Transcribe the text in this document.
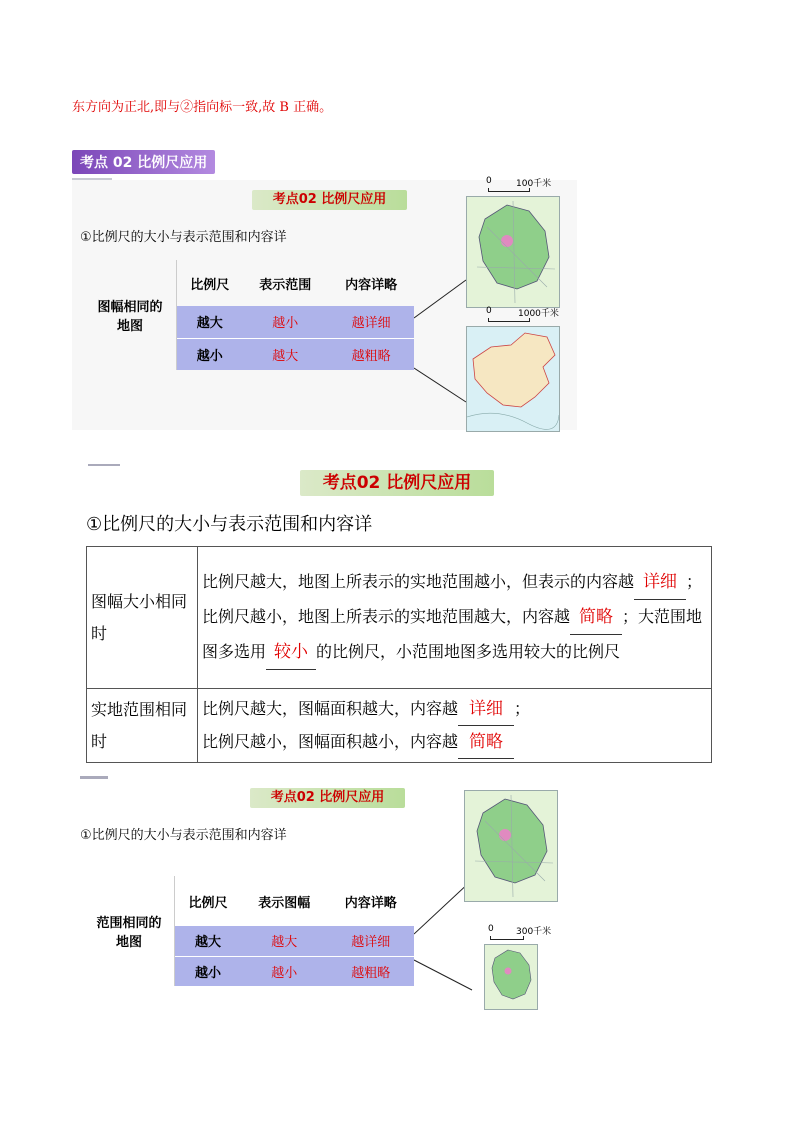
东方向为正北,即与②指向标一致,故 B 正确。
考点 02 比例尺应用
考点02 比例尺应用
①比例尺的大小与表示范围和内容详
图幅相同的地图	比例尺	表示范围	内容详略
	越大	越小	越详细
	越小	越大	越粗略
0	100千米
0	1000千米
考点02 比例尺应用
①比例尺的大小与表示范围和内容详
图幅大小相同时	比例尺越大，地图上所表示的实地范围越小，但表示的内容越 详细 ；比例尺越小，地图上所表示的实地范围越大，内容越 简略 ；大范围地图多选用 较小 的比例尺，小范围地图多选用较大的比例尺
实地范围相同时	比例尺越大，图幅面积越大，内容越 详细 ；
比例尺越小，图幅面积越小，内容越 简略
考点02 比例尺应用
①比例尺的大小与表示范围和内容详
范围相同的地图	比例尺	表示图幅	内容详略
	越大	越大	越详细
	越小	越小	越粗略
0 300千米
